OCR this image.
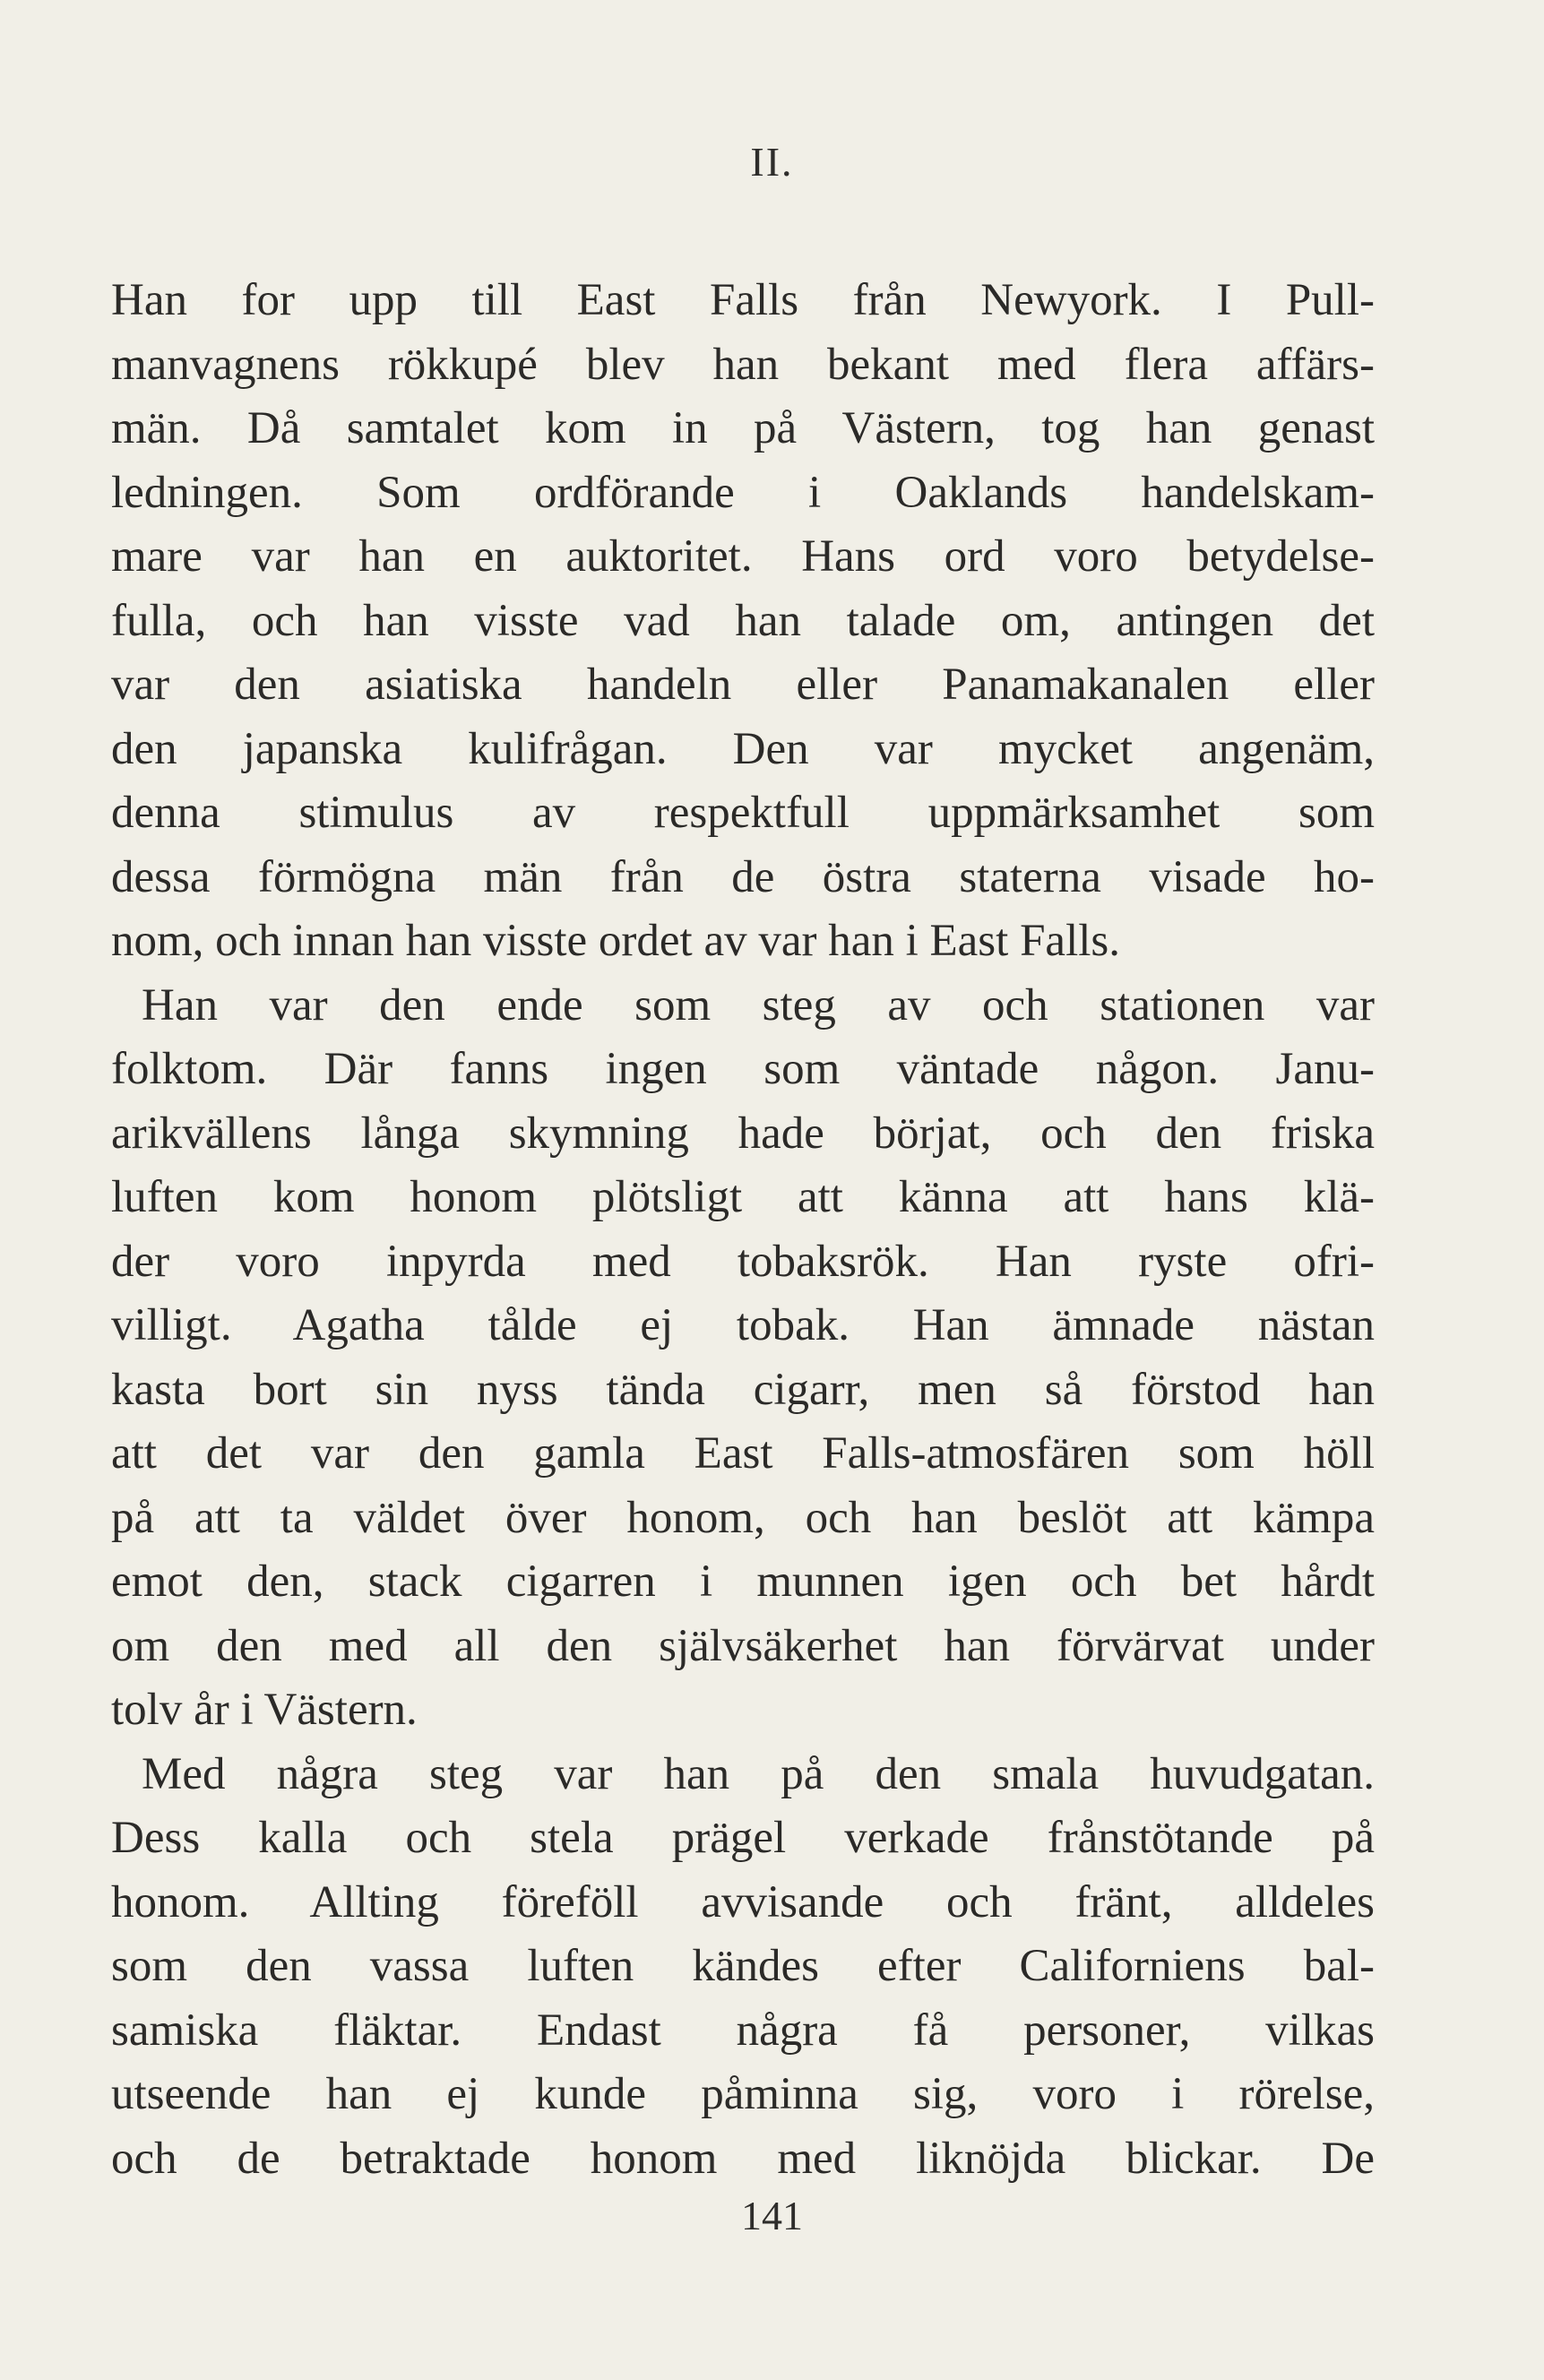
II.
Han for upp till East Falls från Newyork. I Pull-
manvagnens rökkupé blev han bekant med flera affärs-
män. Då samtalet kom in på Västern, tog han genast
ledningen. Som ordförande i Oaklands handelskam-
mare var han en auktoritet. Hans ord voro betydelse-
fulla, och han visste vad han talade om, antingen det
var den asiatiska handeln eller Panamakanalen eller
den japanska kulifrågan. Den var mycket angenäm,
denna stimulus av respektfull uppmärksamhet som
dessa förmögna män från de östra staterna visade ho-
nom, och innan han visste ordet av var han i East Falls.
Han var den ende som steg av och stationen var
folktom. Där fanns ingen som väntade någon. Janu-
arikvällens långa skymning hade börjat, och den friska
luften kom honom plötsligt att känna att hans klä-
der voro inpyrda med tobaksrök. Han ryste ofri-
villigt. Agatha tålde ej tobak. Han ämnade nästan
kasta bort sin nyss tända cigarr, men så förstod han
att det var den gamla East Falls-atmosfären som höll
på att ta väldet över honom, och han beslöt att kämpa
emot den, stack cigarren i munnen igen och bet hårdt
om den med all den självsäkerhet han förvärvat under
tolv år i Västern.
Med några steg var han på den smala huvudgatan.
Dess kalla och stela prägel verkade frånstötande på
honom. Allting föreföll avvisande och fränt, alldeles
som den vassa luften kändes efter Californiens bal-
samiska fläktar. Endast några få personer, vilkas
utseende han ej kunde påminna sig, voro i rörelse,
och de betraktade honom med liknöjda blickar. De
141
